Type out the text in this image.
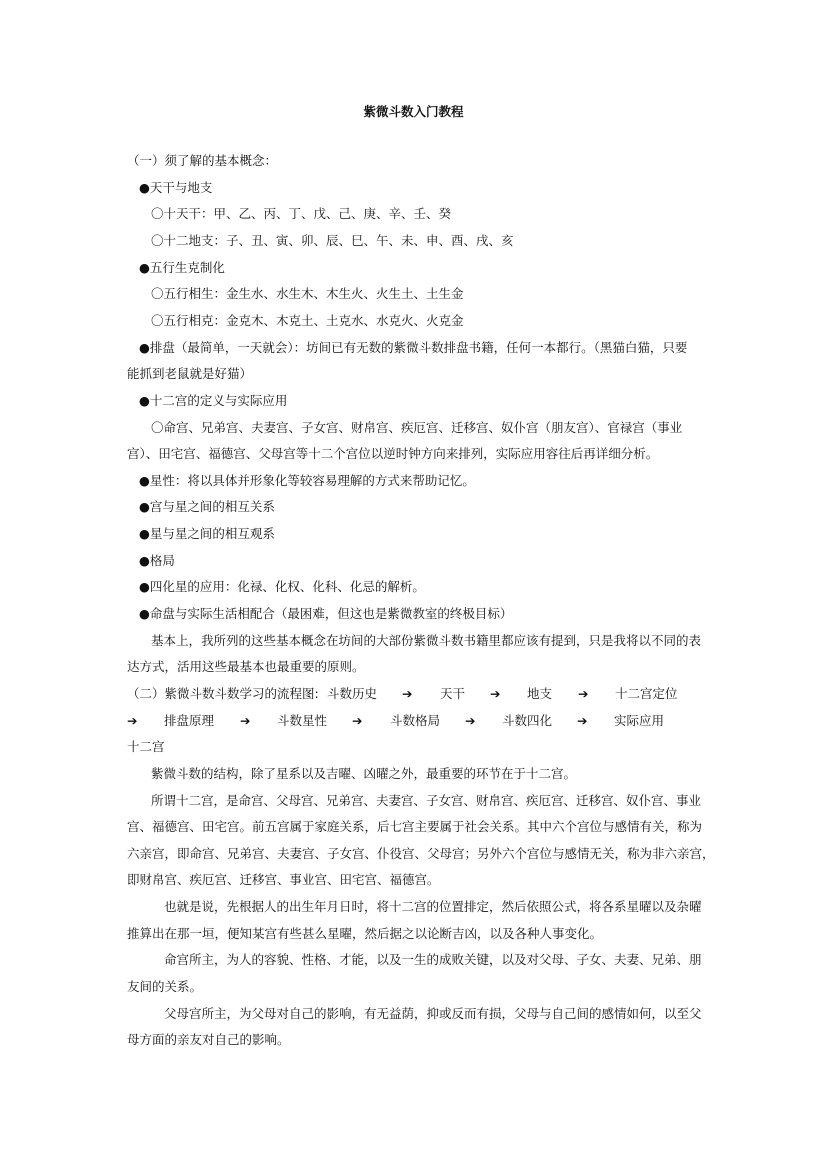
紫微斗数入门教程
（一）须了解的基本概念：
●天干与地支
〇十天干：甲、乙、丙、丁、戊、己、庚、辛、壬、癸
〇十二地支：子、丑、寅、卯、辰、巳、午、未、申、酉、戌、亥
●五行生克制化
〇五行相生：金生水、水生木、木生火、火生土、土生金
〇五行相克：金克木、木克土、土克水、水克火、火克金
●排盘（最简单，一天就会）：坊间已有无数的紫微斗数排盘书籍，任何一本都行。（黑猫白猫，只要
能抓到老鼠就是好猫）
●十二宫的定义与实际应用
〇命宫、兄弟宫、夫妻宫、子女宫、财帛宫、疾厄宫、迁移宫、奴仆宫（朋友宫）、官禄宫（事业
宫）、田宅宫、福德宫、父母宫等十二个宫位以逆时钟方向来排列，实际应用容往后再详细分析。
●星性：将以具体并形象化等较容易理解的方式来帮助记忆。
●宫与星之间的相互关系
●星与星之间的相互观系
●格局
●四化星的应用：化禄、化权、化科、化忌的解析。
●命盘与实际生活相配合（最困难，但这也是紫微教室的终极目标）
基本上，我所列的这些基本概念在坊间的大部份紫微斗数书籍里都应该有提到，只是我将以不同的表
达方式，活用这些最基本也最重要的原则。
（二）紫微斗数斗数学习的流程图: 斗数历史 ➔ 天干 ➔ 地支 ➔ 十二宫定位
➔ 排盘原理 ➔ 斗数星性 ➔ 斗数格局 ➔ 斗数四化 ➔ 实际应用
十二宫
紫微斗数的结构，除了星系以及吉曜、凶曜之外，最重要的环节在于十二宫。
所谓十二宫，是命宫、父母宫、兄弟宫、夫妻宫、子女宫、财帛宫、疾厄宫、迁移宫、奴仆宫、事业
宫、福德宫、田宅宫。前五宫属于家庭关系，后七宫主要属于社会关系。其中六个宫位与感情有关，称为
六亲宫，即命宫、兄弟宫、夫妻宫、子女宫、仆役宫、父母宫；另外六个宫位与感情无关，称为非六亲宫，
即财帛宫、疾厄宫、迁移宫、事业宫、田宅宫、福德宫。
也就是说，先根据人的出生年月日时，将十二宫的位置排定，然后依照公式，将各系星曜以及杂曜
推算出在那一垣，便知某宫有些甚么星曜，然后据之以论断吉凶，以及各种人事变化。
命宫所主，为人的容貌、性格、才能，以及一生的成败关键，以及对父母、子女、夫妻、兄弟、朋
友间的关系。
父母宫所主，为父母对自己的影响，有无益荫，抑或反而有损，父母与自己间的感情如何，以至父
母方面的亲友对自己的影响。
